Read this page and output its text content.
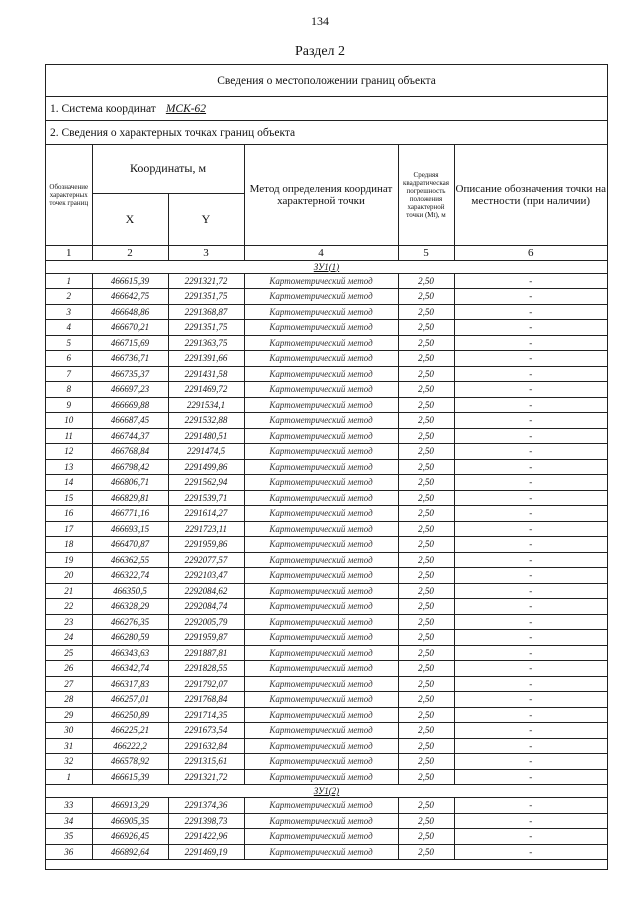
134
Раздел 2
Сведения о местоположении границ объекта
1. Система координат МСК-62
2. Сведения о характерных точках границ объекта
Обозначение характерных точек границ	Координаты, м		Метод определения координат характерной точки	Средняя квадратическая погрешность положения характерной точки (Mt), м	Описание обозначения точки на местности (при наличии)
	X	Y			
1	2	3	4	5	6
ЗУ1(1)					
1	466615,39	2291321,72	Картометрический метод	2,50	-
2	466642,75	2291351,75	Картометрический метод	2,50	-
3	466648,86	2291368,87	Картометрический метод	2,50	-
4	466670,21	2291351,75	Картометрический метод	2,50	-
5	466715,69	2291363,75	Картометрический метод	2,50	-
6	466736,71	2291391,66	Картометрический метод	2,50	-
7	466735,37	2291431,58	Картометрический метод	2,50	-
8	466697,23	2291469,72	Картометрический метод	2,50	-
9	466669,88	2291534,1	Картометрический метод	2,50	-
10	466687,45	2291532,88	Картометрический метод	2,50	-
11	466744,37	2291480,51	Картометрический метод	2,50	-
12	466768,84	2291474,5	Картометрический метод	2,50	-
13	466798,42	2291499,86	Картометрический метод	2,50	-
14	466806,71	2291562,94	Картометрический метод	2,50	-
15	466829,81	2291539,71	Картометрический метод	2,50	-
16	466771,16	2291614,27	Картометрический метод	2,50	-
17	466693,15	2291723,11	Картометрический метод	2,50	-
18	466470,87	2291959,86	Картометрический метод	2,50	-
19	466362,55	2292077,57	Картометрический метод	2,50	-
20	466322,74	2292103,47	Картометрический метод	2,50	-
21	466350,5	2292084,62	Картометрический метод	2,50	-
22	466328,29	2292084,74	Картометрический метод	2,50	-
23	466276,35	2292005,79	Картометрический метод	2,50	-
24	466280,59	2291959,87	Картометрический метод	2,50	-
25	466343,63	2291887,81	Картометрический метод	2,50	-
26	466342,74	2291828,55	Картометрический метод	2,50	-
27	466317,83	2291792,07	Картометрический метод	2,50	-
28	466257,01	2291768,84	Картометрический метод	2,50	-
29	466250,89	2291714,35	Картометрический метод	2,50	-
30	466225,21	2291673,54	Картометрический метод	2,50	-
31	466222,2	2291632,84	Картометрический метод	2,50	-
32	466578,92	2291315,61	Картометрический метод	2,50	-
1	466615,39	2291321,72	Картометрический метод	2,50	-
ЗУ1(2)					
33	466913,29	2291374,36	Картометрический метод	2,50	-
34	466905,35	2291398,73	Картометрический метод	2,50	-
35	466926,45	2291422,96	Картометрический метод	2,50	-
36	466892,64	2291469,19	Картометрический метод	2,50	-
